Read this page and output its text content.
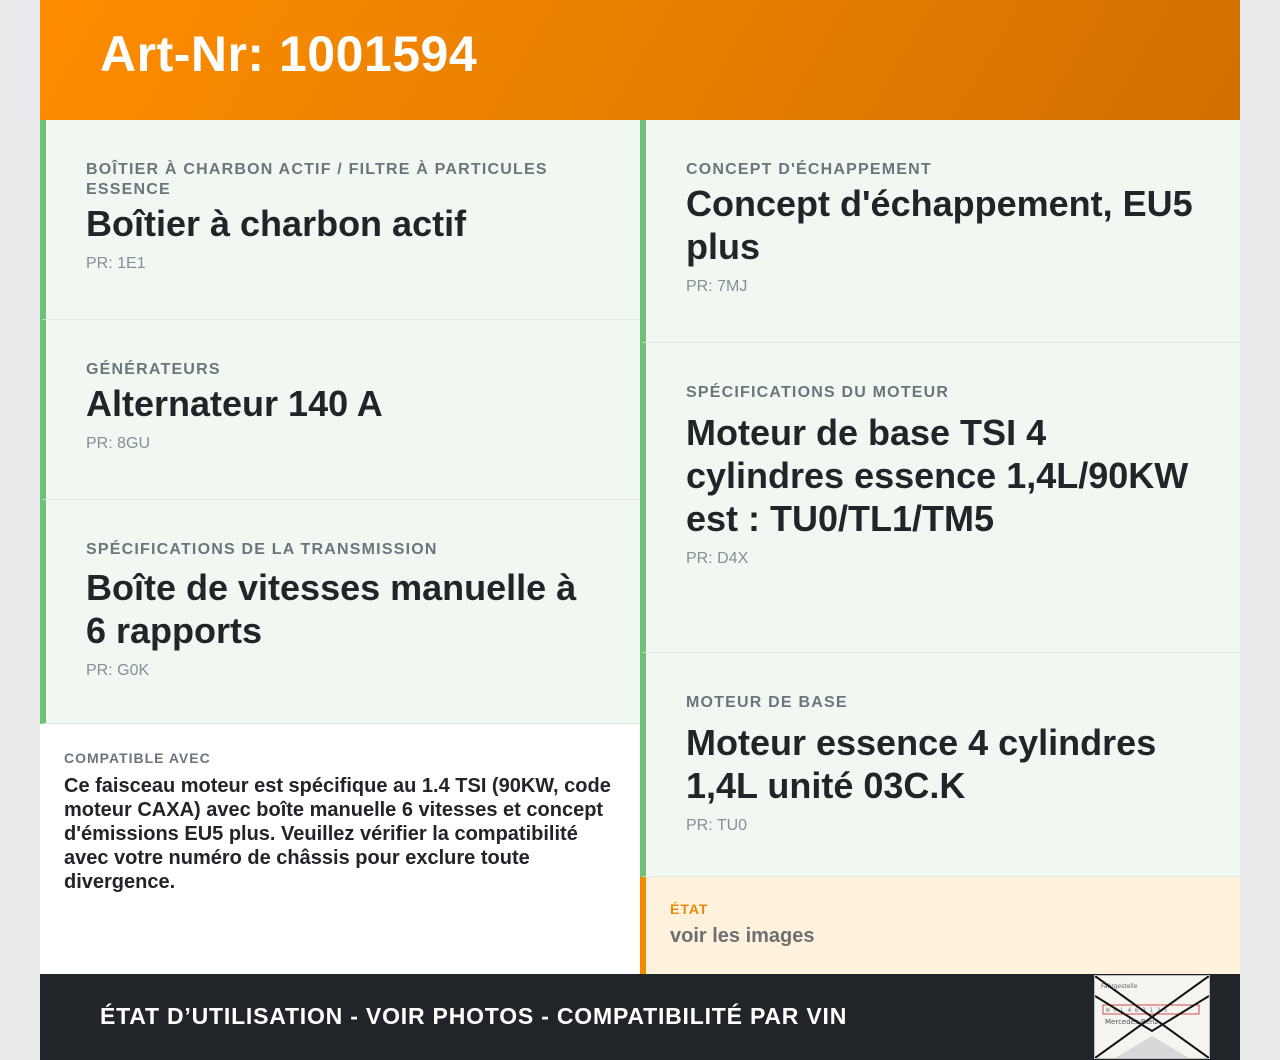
Art-Nr: 1001594
BOÎTIER À CHARBON ACTIF / FILTRE À PARTICULES ESSENCE
Boîtier à charbon actif
PR: 1E1
GÉNÉRATEURS
Alternateur 140 A
PR: 8GU
SPÉCIFICATIONS DE LA TRANSMISSION
Boîte de vitesses manuelle à 6 rapports
PR: G0K
COMPATIBLE AVEC
Ce faisceau moteur est spécifique au 1.4 TSI (90KW, code moteur CAXA) avec boîte manuelle 6 vitesses et concept d'émissions EU5 plus. Veuillez vérifier la compatibilité avec votre numéro de châssis pour exclure toute divergence.
CONCEPT D'ÉCHAPPEMENT
Concept d'échappement, EU5 plus
PR: 7MJ
SPÉCIFICATIONS DU MOTEUR
Moteur de base TSI 4 cylindres essence 1,4L/90KW est : TU0/TL1/TM5
PR: D4X
MOTEUR DE BASE
Moteur essence 4 cylindres 1,4L unité 03C.K
PR: TU0
ÉTAT
voir les images
ÉTAT D’UTILISATION - VOIR PHOTOS - COMPATIBILITÉ PAR VIN
Fahrgestelle
W 0 L 4 6 3 1 3 5
Mercedes-Benz
